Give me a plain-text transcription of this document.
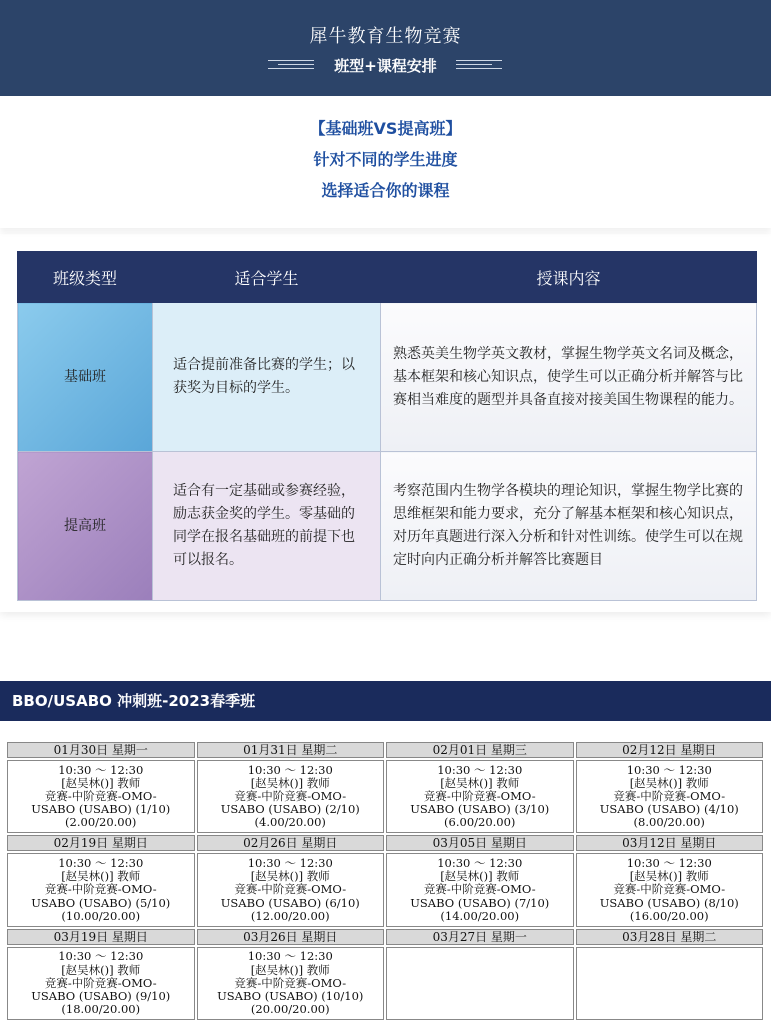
犀牛教育生物竞赛
班型+课程安排
【基础班VS提高班】
针对不同的学生进度
选择适合你的课程
班级类型	适合学生	授课内容
基础班	适合提前准备比赛的学生；以获奖为目标的学生。	熟悉英美生物学英文教材，掌握生物学英文名词及概念，基本框架和核心知识点，使学生可以正确分析并解答与比赛相当难度的题型并具备直接对接美国生物课程的能力。
提高班	适合有一定基础或参赛经验，励志获金奖的学生。零基础的同学在报名基础班的前提下也可以报名。	考察范围内生物学各模块的理论知识，掌握生物学比赛的思维框架和能力要求，充分了解基本框架和核心知识点，对历年真题进行深入分析和针对性训练。使学生可以在规定时向内正确分析并解答比赛题目
BBO/USABO 冲刺班-2023春季班
01月30日 星期一	01月31日 星期二	02月01日 星期三	02月12日 星期日

10:30 ～ 12:30
[赵吴林()] 教师
竞赛-中阶竞赛-OMO-
USABO (USABO) (1/10)
(2.00/20.00)	10:30 ～ 12:30
[赵吴林()] 教师
竞赛-中阶竞赛-OMO-
USABO (USABO) (2/10)
(4.00/20.00)	10:30 ～ 12:30
[赵吴林()] 教师
竞赛-中阶竞赛-OMO-
USABO (USABO) (3/10)
(6.00/20.00)	10:30 ～ 12:30
[赵吴林()] 教师
竞赛-中阶竞赛-OMO-
USABO (USABO) (4/10)
(8.00/20.00)

02月19日 星期日	02月26日 星期日	03月05日 星期日	03月12日 星期日

10:30 ～ 12:30
[赵吴林()] 教师
竞赛-中阶竞赛-OMO-
USABO (USABO) (5/10)
(10.00/20.00)	10:30 ～ 12:30
[赵吴林()] 教师
竞赛-中阶竞赛-OMO-
USABO (USABO) (6/10)
(12.00/20.00)	10:30 ～ 12:30
[赵吴林()] 教师
竞赛-中阶竞赛-OMO-
USABO (USABO) (7/10)
(14.00/20.00)	10:30 ～ 12:30
[赵吴林()] 教师
竞赛-中阶竞赛-OMO-
USABO (USABO) (8/10)
(16.00/20.00)

03月19日 星期日	03月26日 星期日	03月27日 星期一	03月28日 星期二

10:30 ～ 12:30
[赵吴林()] 教师
竞赛-中阶竞赛-OMO-
USABO (USABO) (9/10)
(18.00/20.00)	10:30 ～ 12:30
[赵吴林()] 教师
竞赛-中阶竞赛-OMO-
USABO (USABO) (10/10)
(20.00/20.00)		
